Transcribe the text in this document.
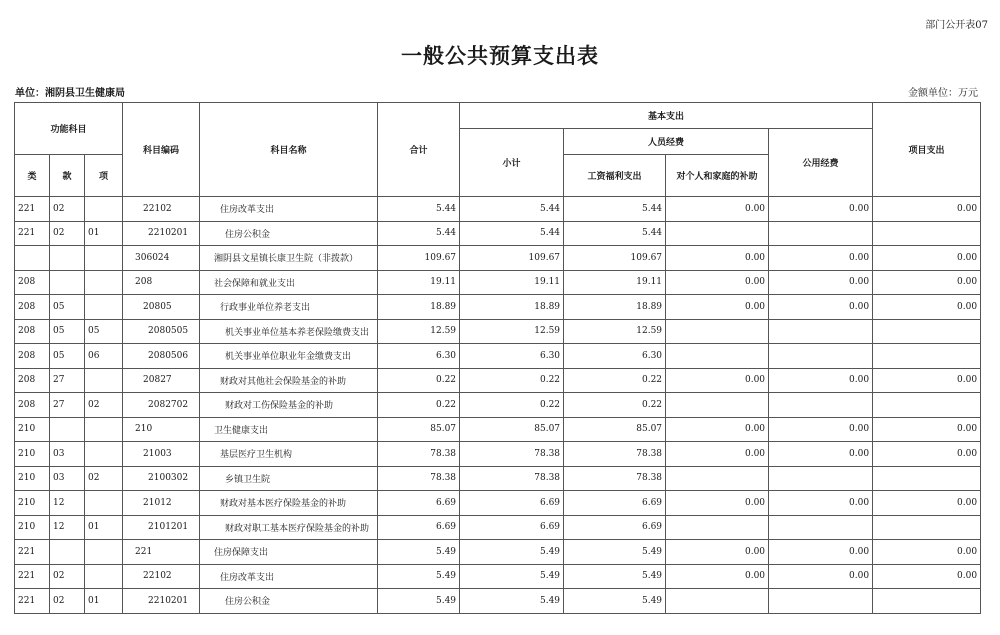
部门公开表07
一般公共预算支出表
单位：湘阴县卫生健康局	金额单位：万元
功能科目			科目编码	科目名称	合计	基本支出				项目支出
						小计	人员经费		公用经费	
类	款	项					工资福利支出	对个人和家庭的补助		
221	02		22102	住房改革支出	5.44	5.44	5.44	0.00	0.00	0.00
221	02	01	2210201	住房公积金	5.44	5.44	5.44			
			306024	湘阴县文星镇长康卫生院（非拨款）	109.67	109.67	109.67	0.00	0.00	0.00
208			208	社会保障和就业支出	19.11	19.11	19.11	0.00	0.00	0.00
208	05		20805	行政事业单位养老支出	18.89	18.89	18.89	0.00	0.00	0.00
208	05	05	2080505	机关事业单位基本养老保险缴费支出	12.59	12.59	12.59			
208	05	06	2080506	机关事业单位职业年金缴费支出	6.30	6.30	6.30			
208	27		20827	财政对其他社会保险基金的补助	0.22	0.22	0.22	0.00	0.00	0.00
208	27	02	2082702	财政对工伤保险基金的补助	0.22	0.22	0.22			
210			210	卫生健康支出	85.07	85.07	85.07	0.00	0.00	0.00
210	03		21003	基层医疗卫生机构	78.38	78.38	78.38	0.00	0.00	0.00
210	03	02	2100302	乡镇卫生院	78.38	78.38	78.38			
210	12		21012	财政对基本医疗保险基金的补助	6.69	6.69	6.69	0.00	0.00	0.00
210	12	01	2101201	财政对职工基本医疗保险基金的补助	6.69	6.69	6.69			
221			221	住房保障支出	5.49	5.49	5.49	0.00	0.00	0.00
221	02		22102	住房改革支出	5.49	5.49	5.49	0.00	0.00	0.00
221	02	01	2210201	住房公积金	5.49	5.49	5.49			
